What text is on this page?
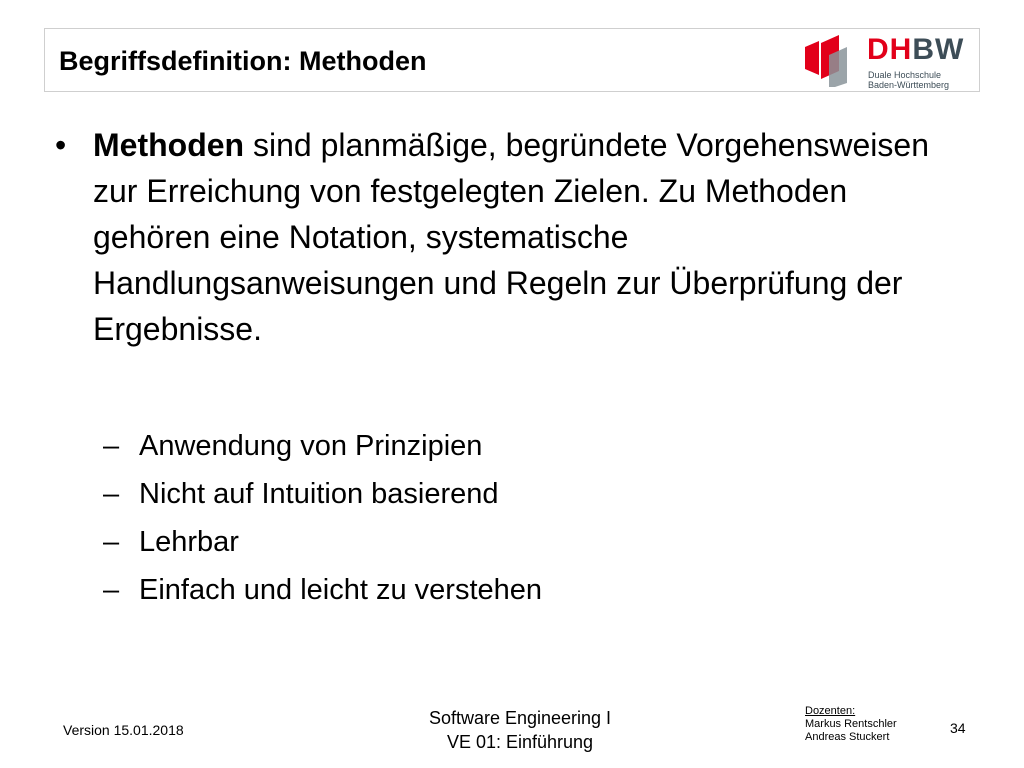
Begriffsdefinition: Methoden	DHBW
Duale Hochschule
Baden-Württemberg
• Methoden sind planmäßige, begründete Vorgehensweisen zur Erreichung von festgelegten Zielen. Zu Methoden gehören eine Notation, systematische Handlungsanweisungen und Regeln zur Überprüfung der Ergebnisse.

– Anwendung von Prinzipien
– Nicht auf Intuition basierend
– Lehrbar
– Einfach und leicht zu verstehen
Version 15.01.2018
Software Engineering I
VE 01: Einführung
Dozenten:
Markus Rentschler
Andreas Stuckert
34
